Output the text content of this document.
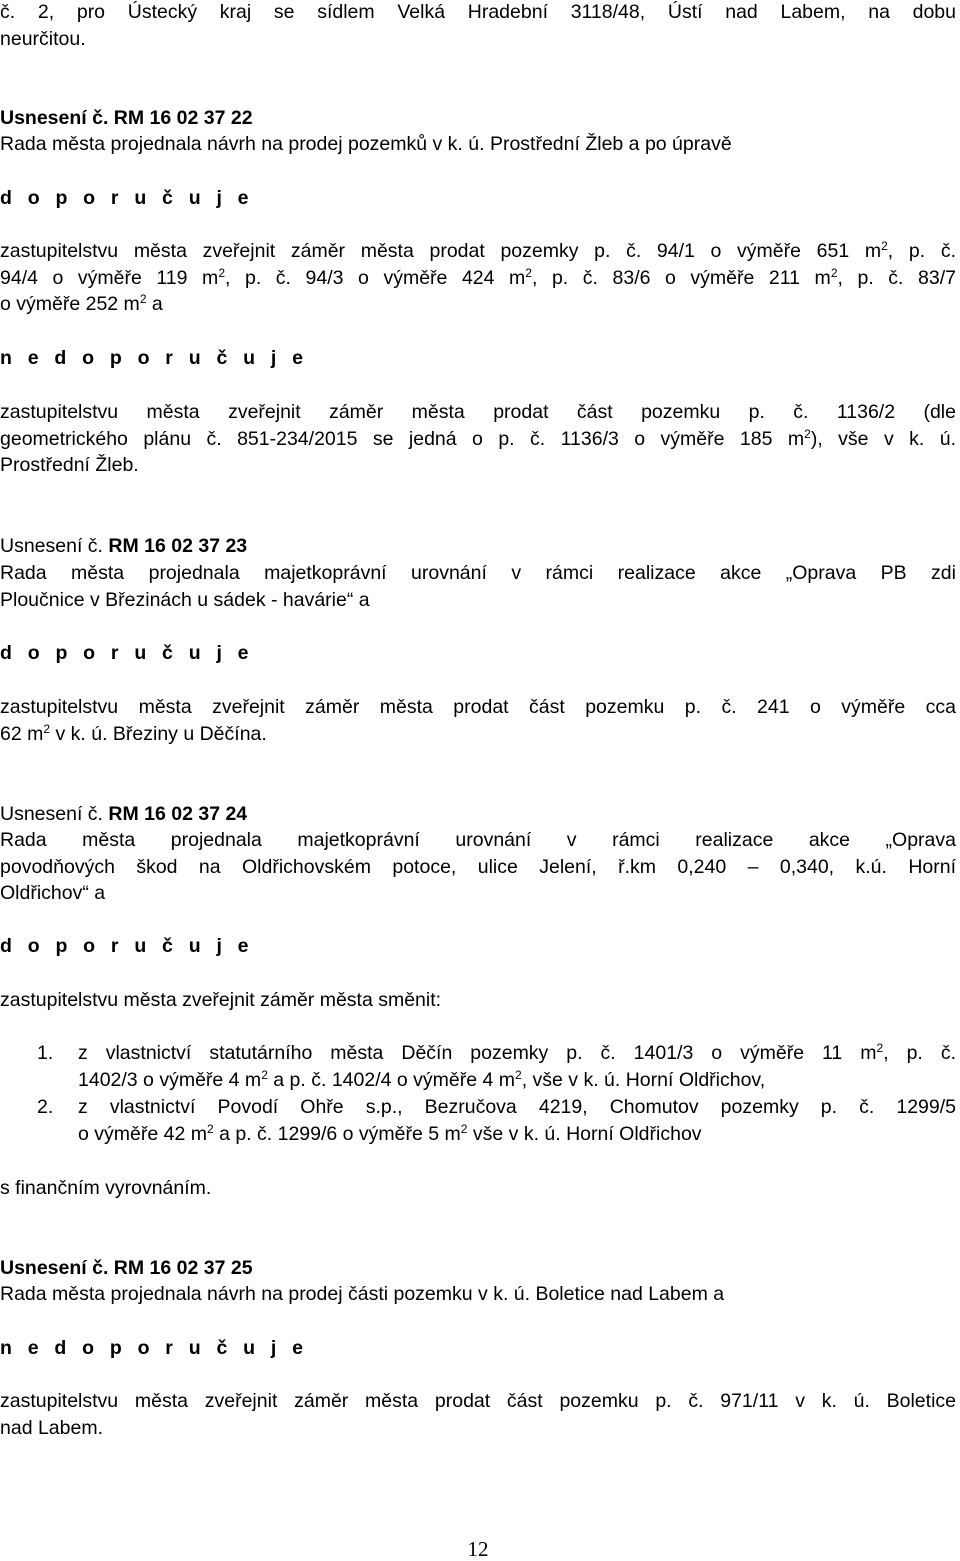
č. 2, pro Ústecký kraj se sídlem Velká Hradební 3118/48, Ústí nad Labem, na dobu
neurčitou.
Usnesení č. RM 16 02 37 22
Rada města projednala návrh na prodej pozemků v k. ú. Prostřední Žleb a po úpravě
d o p o r u č u j e
zastupitelstvu města zveřejnit záměr města prodat pozemky p. č. 94/1 o výměře 651 $m^2$, p. č.
94/4 o výměře 119 $m^2$, p. č. 94/3 o výměře 424 $m^2$, p. č. 83/6 o výměře 211 $m^2$, p. č. 83/7
o výměře 252 $m^2$ a
n e d o p o r u č u j e
zastupitelstvu města zveřejnit záměr města prodat část pozemku p. č. 1136/2 (dle
geometrického plánu č. 851-234/2015 se jedná o p. č. 1136/3 o výměře 185 $m^2$), vše v k. ú.
Prostřední Žleb.
Usnesení č. RM 16 02 37 23
Rada města projednala majetkoprávní urovnání v rámci realizace akce „Oprava PB zdi
Ploučnice v Březinách u sádek - havárie“ a
d o p o r u č u j e
zastupitelstvu města zveřejnit záměr města prodat část pozemku p. č. 241 o výměře cca
62 $m^2$ v k. ú. Březiny u Děčína.
Usnesení č. RM 16 02 37 24
Rada města projednala majetkoprávní urovnání v rámci realizace akce „Oprava
povodňových škod na Oldřichovském potoce, ulice Jelení, ř.km 0,240 – 0,340, k.ú. Horní
Oldřichov“ a
d o p o r u č u j e
zastupitelstvu města zveřejnit záměr města směnit:
1. z vlastnictví statutárního města Děčín pozemky p. č. 1401/3 o výměře 11 $m^2$, p. č.
1402/3 o výměře 4 $m^2$ a p. č. 1402/4 o výměře 4 $m^2$, vše v k. ú. Horní Oldřichov,
2. z vlastnictví Povodí Ohře s.p., Bezručova 4219, Chomutov pozemky p. č. 1299/5
o výměře 42 $m^2$ a p. č. 1299/6 o výměře 5 $m^2$ vše v k. ú. Horní Oldřichov
s finančním vyrovnáním.
Usnesení č. RM 16 02 37 25
Rada města projednala návrh na prodej části pozemku v k. ú. Boletice nad Labem a
n e d o p o r u č u j e
zastupitelstvu města zveřejnit záměr města prodat část pozemku p. č. 971/11 v k. ú. Boletice
nad Labem.
12
